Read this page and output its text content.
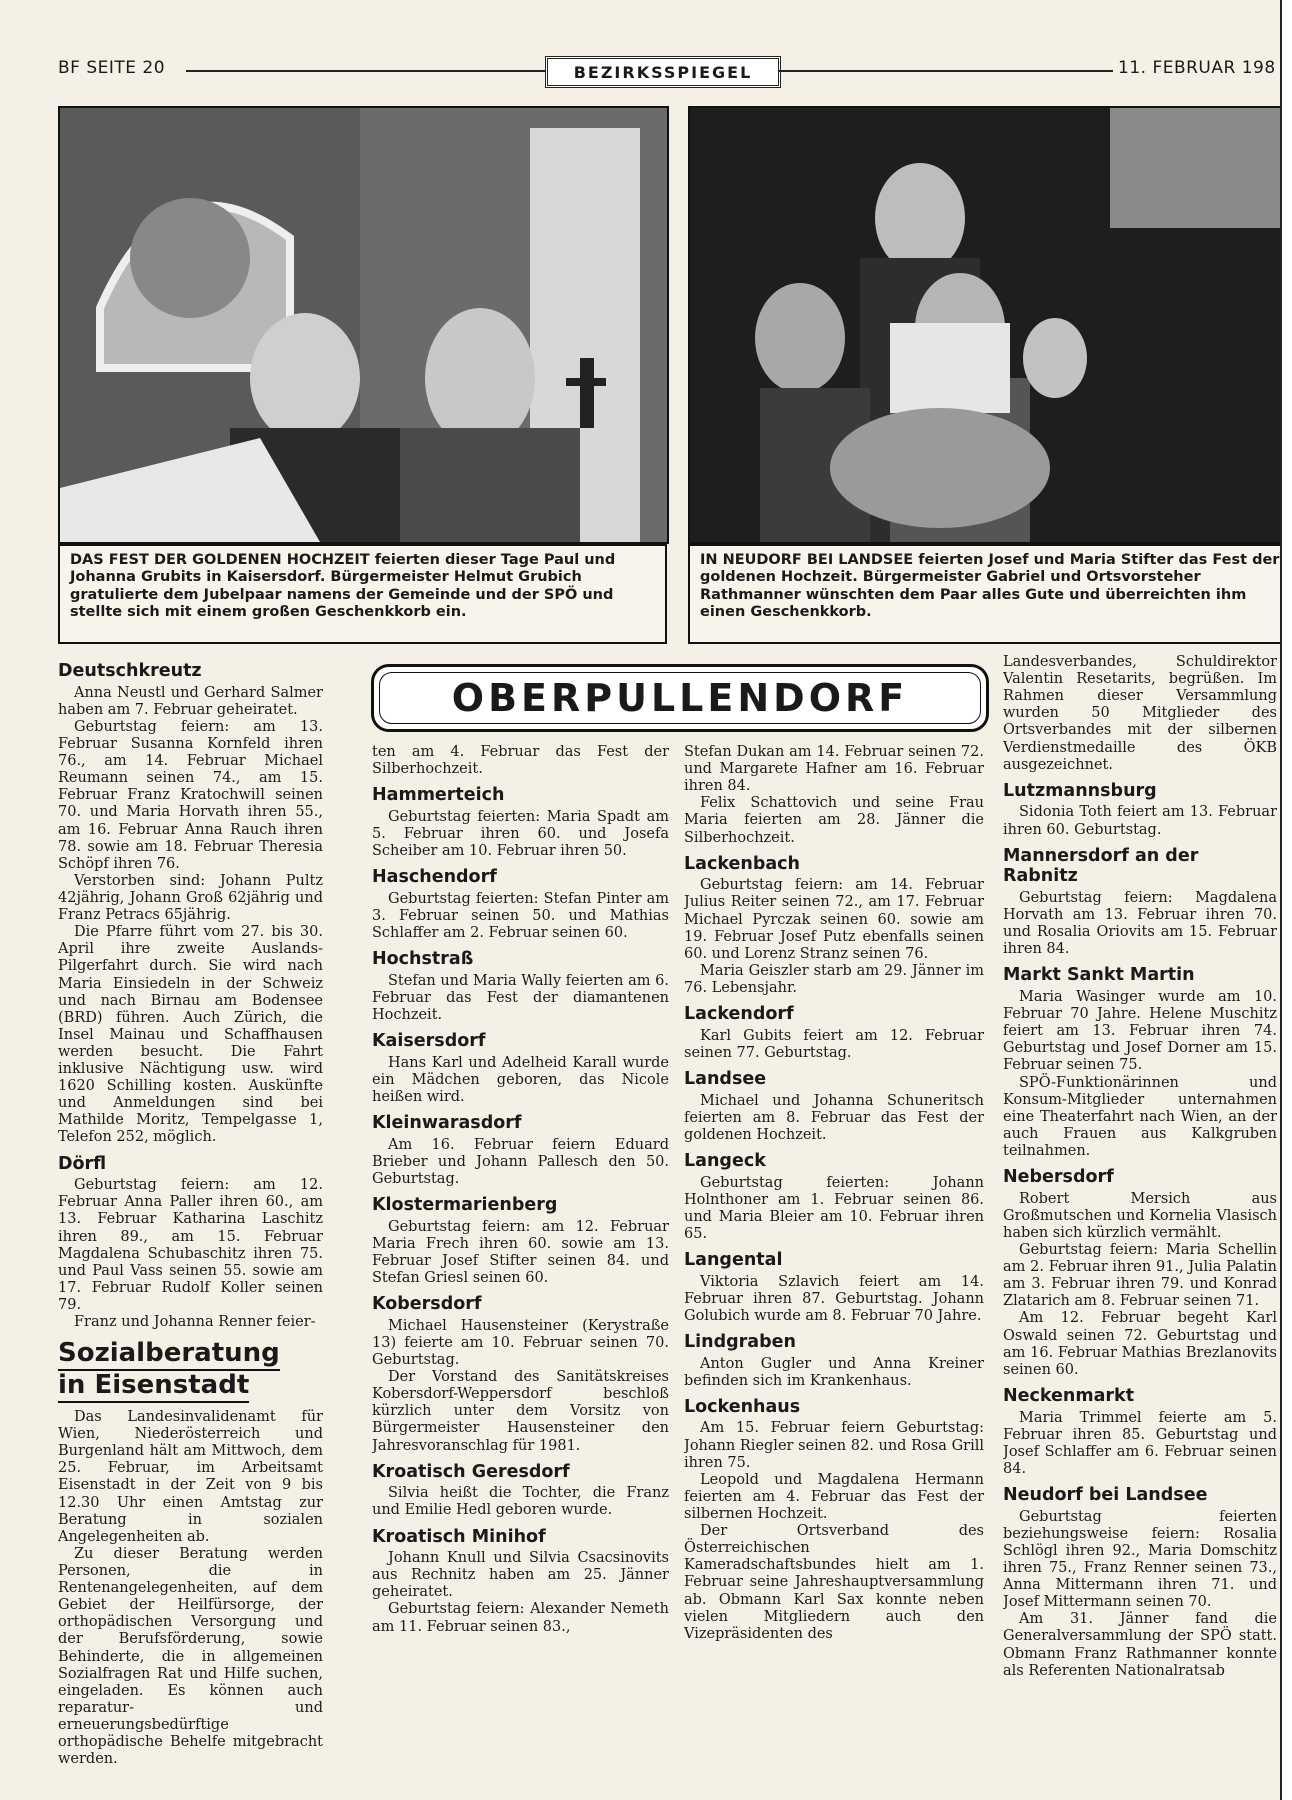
BF SEITE 20	BEZIRKSSPIEGEL	11. FEBRUAR 198
DAS FEST DER GOLDENEN HOCHZEIT feierten dieser Tage Paul und Johanna Grubits in Kaisersdorf. Bürgermeister Helmut Grubich gratulierte dem Jubelpaar namens der Gemeinde und der SPÖ und stellte sich mit einem großen Geschenkkorb ein.
IN NEUDORF BEI LANDSEE feierten Josef und Maria Stifter das Fest der goldenen Hochzeit. Bürgermeister Gabriel und Ortsvorsteher Rathmanner wünschten dem Paar alles Gute und überreichten ihm einen Geschenkkorb.
Deutschkreutz

Anna Neustl und Gerhard Salmer haben am 7. Februar geheiratet.

Geburtstag feiern: am 13. Februar Susanna Kornfeld ihren 76., am 14. Februar Michael Reumann seinen 74., am 15. Februar Franz Kratochwill seinen 70. und Maria Horvath ihren 55., am 16. Februar Anna Rauch ihren 78. sowie am 18. Februar Theresia Schöpf ihren 76.

Verstorben sind: Johann Pultz 42jährig, Johann Groß 62jährig und Franz Petracs 65jährig.

Die Pfarre führt vom 27. bis 30. April ihre zweite Auslands-Pilgerfahrt durch. Sie wird nach Maria Einsiedeln in der Schweiz und nach Birnau am Bodensee (BRD) führen. Auch Zürich, die Insel Mainau und Schaffhausen werden besucht. Die Fahrt inklusive Nächtigung usw. wird 1620 Schilling kosten. Auskünfte und Anmeldungen sind bei Mathilde Moritz, Tempelgasse 1, Telefon 252, möglich.

Dörfl

Geburtstag feiern: am 12. Februar Anna Paller ihren 60., am 13. Februar Katharina Laschitz ihren 89., am 15. Februar Magdalena Schubaschitz ihren 75. und Paul Vass seinen 55. sowie am 17. Februar Rudolf Koller seinen 79.

Franz und Johanna Renner feier-

Sozialberatung
in Eisenstadt

Das Landesinvalidenamt für Wien, Niederösterreich und Burgenland hält am Mittwoch, dem 25. Februar, im Arbeitsamt Eisenstadt in der Zeit von 9 bis 12.30 Uhr einen Amtstag zur Beratung in sozialen Angelegenheiten ab.

Zu dieser Beratung werden Personen, die in Rentenangelegenheiten, auf dem Gebiet der Heilfürsorge, der orthopädischen Versorgung und der Berufsförderung, sowie Behinderte, die in allgemeinen Sozialfragen Rat und Hilfe suchen, eingeladen. Es können auch reparatur- und erneuerungsbedürftige orthopädische Behelfe mitgebracht werden.

OBERPULLENDORF

ten am 4. Februar das Fest der Silberhochzeit.

Hammerteich

Geburtstag feierten: Maria Spadt am 5. Februar ihren 60. und Josefa Scheiber am 10. Februar ihren 50.

Haschendorf

Geburtstag feierten: Stefan Pinter am 3. Februar seinen 50. und Mathias Schlaffer am 2. Februar seinen 60.

Hochstraß

Stefan und Maria Wally feierten am 6. Februar das Fest der diamantenen Hochzeit.

Kaisersdorf

Hans Karl und Adelheid Karall wurde ein Mädchen geboren, das Nicole heißen wird.

Kleinwarasdorf

Am 16. Februar feiern Eduard Brieber und Johann Pallesch den 50. Geburtstag.

Klostermarienberg

Geburtstag feiern: am 12. Februar Maria Frech ihren 60. sowie am 13. Februar Josef Stifter seinen 84. und Stefan Griesl seinen 60.

Kobersdorf

Michael Hausensteiner (Kerystraße 13) feierte am 10. Februar seinen 70. Geburtstag.

Der Vorstand des Sanitätskreises Kobersdorf-Weppersdorf beschloß kürzlich unter dem Vorsitz von Bürgermeister Hausensteiner den Jahresvoranschlag für 1981.

Kroatisch Geresdorf

Silvia heißt die Tochter, die Franz und Emilie Hedl geboren wurde.

Kroatisch Minihof

Johann Knull und Silvia Csacsinovits aus Rechnitz haben am 25. Jänner geheiratet.

Geburtstag feiern: Alexander Nemeth am 11. Februar seinen 83.,

Stefan Dukan am 14. Februar seinen 72. und Margarete Hafner am 16. Februar ihren 84.

Felix Schattovich und seine Frau Maria feierten am 28. Jänner die Silberhochzeit.

Lackenbach

Geburtstag feiern: am 14. Februar Julius Reiter seinen 72., am 17. Februar Michael Pyrczak seinen 60. sowie am 19. Februar Josef Putz ebenfalls seinen 60. und Lorenz Stranz seinen 76.

Maria Geiszler starb am 29. Jänner im 76. Lebensjahr.

Lackendorf

Karl Gubits feiert am 12. Februar seinen 77. Geburtstag.

Landsee

Michael und Johanna Schuneritsch feierten am 8. Februar das Fest der goldenen Hochzeit.

Langeck

Geburtstag feierten: Johann Holnthoner am 1. Februar seinen 86. und Maria Bleier am 10. Februar ihren 65.

Langental

Viktoria Szlavich feiert am 14. Februar ihren 87. Geburtstag. Johann Golubich wurde am 8. Februar 70 Jahre.

Lindgraben

Anton Gugler und Anna Kreiner befinden sich im Krankenhaus.

Lockenhaus

Am 15. Februar feiern Geburtstag: Johann Riegler seinen 82. und Rosa Grill ihren 75.

Leopold und Magdalena Hermann feierten am 4. Februar das Fest der silbernen Hochzeit.

Der Ortsverband des Österreichischen Kameradschaftsbundes hielt am 1. Februar seine Jahreshauptversammlung ab. Obmann Karl Sax konnte neben vielen Mitgliedern auch den Vizepräsidenten des

Landesverbandes, Schuldirektor Valentin Resetarits, begrüßen. Im Rahmen dieser Versammlung wurden 50 Mitglieder des Ortsverbandes mit der silbernen Verdienstmedaille des ÖKB ausgezeichnet.

Lutzmannsburg

Sidonia Toth feiert am 13. Februar ihren 60. Geburtstag.

Mannersdorf an der Rabnitz

Geburtstag feiern: Magdalena Horvath am 13. Februar ihren 70. und Rosalia Oriovits am 15. Februar ihren 84.

Markt Sankt Martin

Maria Wasinger wurde am 10. Februar 70 Jahre. Helene Muschitz feiert am 13. Februar ihren 74. Geburtstag und Josef Dorner am 15. Februar seinen 75.

SPÖ-Funktionärinnen und Konsum-Mitglieder unternahmen eine Theaterfahrt nach Wien, an der auch Frauen aus Kalkgruben teilnahmen.

Nebersdorf

Robert Mersich aus Großmutschen und Kornelia Vlasisch haben sich kürzlich vermählt.

Geburtstag feiern: Maria Schellin am 2. Februar ihren 91., Julia Palatin am 3. Februar ihren 79. und Konrad Zlatarich am 8. Februar seinen 71.

Am 12. Februar begeht Karl Oswald seinen 72. Geburtstag und am 16. Februar Mathias Brezlanovits seinen 60.

Neckenmarkt

Maria Trimmel feierte am 5. Februar ihren 85. Geburtstag und Josef Schlaffer am 6. Februar seinen 84.

Neudorf bei Landsee

Geburtstag feierten beziehungsweise feiern: Rosalia Schlögl ihren 92., Maria Domschitz ihren 75., Franz Renner seinen 73., Anna Mittermann ihren 71. und Josef Mittermann seinen 70.

Am 31. Jänner fand die Generalversammlung der SPÖ statt. Obmann Franz Rathmanner konnte als Referenten Nationalratsab
